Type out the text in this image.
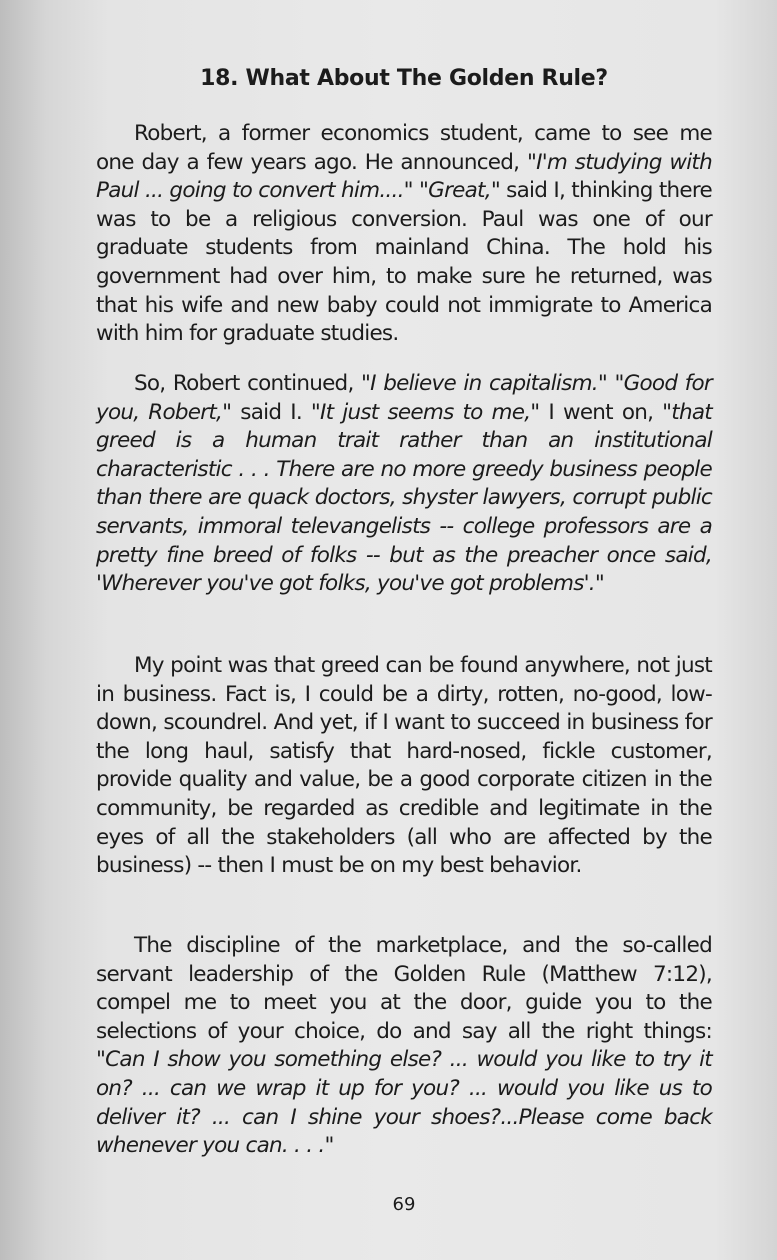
18. What About The Golden Rule?

Robert, a former economics student, came to see me one day a few years ago. He announced, "I'm studying with Paul ... going to convert him...." "Great," said I, thinking there was to be a religious conversion. Paul was one of our graduate students from mainland China. The hold his government had over him, to make sure he returned, was that his wife and new baby could not immigrate to America with him for graduate studies.

So, Robert continued, "I believe in capitalism." "Good for you, Robert," said I. "It just seems to me," I went on, "that greed is a human trait rather than an institutional characteristic . . . There are no more greedy business people than there are quack doctors, shyster lawyers, corrupt public servants, immoral televangelists -- college professors are a pretty fine breed of folks -- but as the preacher once said, 'Wherever you've got folks, you've got problems'."

My point was that greed can be found anywhere, not just in business. Fact is, I could be a dirty, rotten, no-good, low-down, scoundrel. And yet, if I want to succeed in business for the long haul, satisfy that hard-nosed, fickle customer, provide quality and value, be a good corporate citizen in the community, be regarded as credible and legitimate in the eyes of all the stakeholders (all who are affected by the business) -- then I must be on my best behavior.

The discipline of the marketplace, and the so-called servant leadership of the Golden Rule (Matthew 7:12), compel me to meet you at the door, guide you to the selections of your choice, do and say all the right things: "Can I show you something else? ... would you like to try it on? ... can we wrap it up for you? ... would you like us to deliver it? ... can I shine your shoes?...Please come back whenever you can. . . ."

69
